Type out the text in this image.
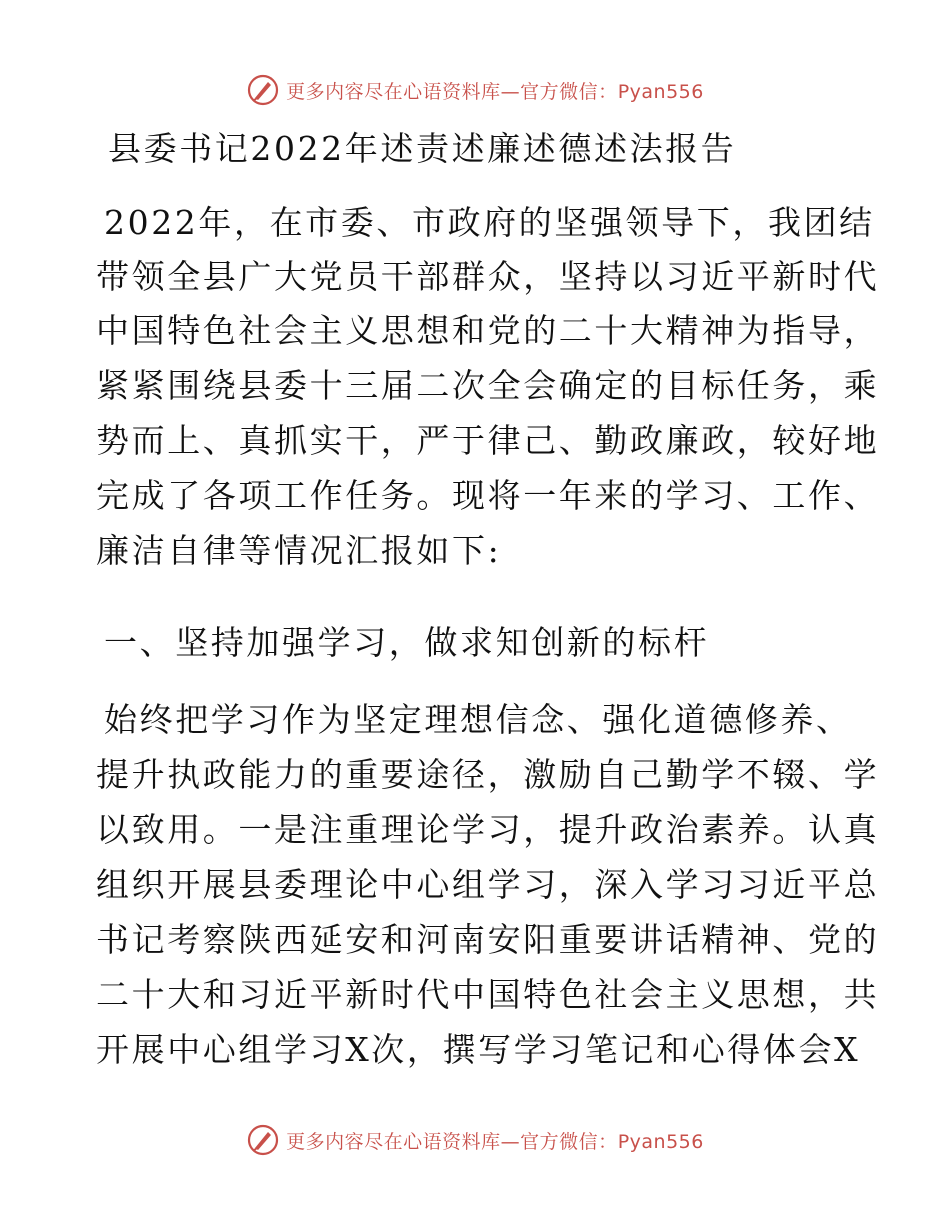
更多内容尽在心语资料库—官方微信：Pyan556
县委书记2022年述责述廉述德述法报告
2022年，在市委、市政府的坚强领导下，我团结
带领全县广大党员干部群众，坚持以习近平新时代
中国特色社会主义思想和党的二十大精神为指导，
紧紧围绕县委十三届二次全会确定的目标任务，乘
势而上、真抓实干，严于律己、勤政廉政，较好地
完成了各项工作任务。现将一年来的学习、工作、
廉洁自律等情况汇报如下:
一、坚持加强学习，做求知创新的标杆
始终把学习作为坚定理想信念、强化道德修养、
提升执政能力的重要途径，激励自己勤学不辍、学
以致用。一是注重理论学习，提升政治素养。认真
组织开展县委理论中心组学习，深入学习习近平总
书记考察陕西延安和河南安阳重要讲话精神、党的
二十大和习近平新时代中国特色社会主义思想，共
开展中心组学习X次，撰写学习笔记和心得体会X
更多内容尽在心语资料库—官方微信：Pyan556
